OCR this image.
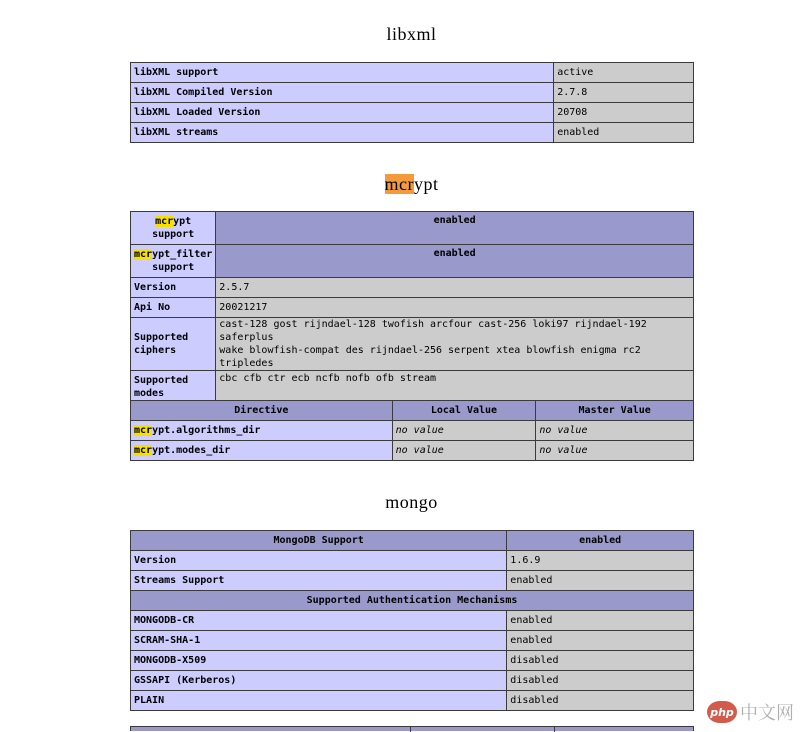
libxml
libXML support	active
libXML Compiled Version	2.7.8
libXML Loaded Version	20708
libXML streams	enabled
mcrypt
mcrypt
support	enabled
mcrypt_filter
support	enabled
Version	2.5.7
Api No	20021217
Supported
ciphers	cast-128 gost rijndael-128 twofish arcfour cast-256 loki97 rijndael-192 saferplus
wake blowfish-compat des rijndael-256 serpent xtea blowfish enigma rc2 tripledes
Supported
modes	cbc cfb ctr ecb ncfb nofb ofb stream
Directive	Local Value	Master Value
mcrypt.algorithms_dir	no value	no value
mcrypt.modes_dir	no value	no value
mongo
MongoDB Support	enabled
Version	1.6.9
Streams Support	enabled
Supported Authentication Mechanisms	
MONGODB-CR	enabled
SCRAM-SHA-1	enabled
MONGODB-X509	disabled
GSSAPI (Kerberos)	disabled
PLAIN	disabled
php 中文网
